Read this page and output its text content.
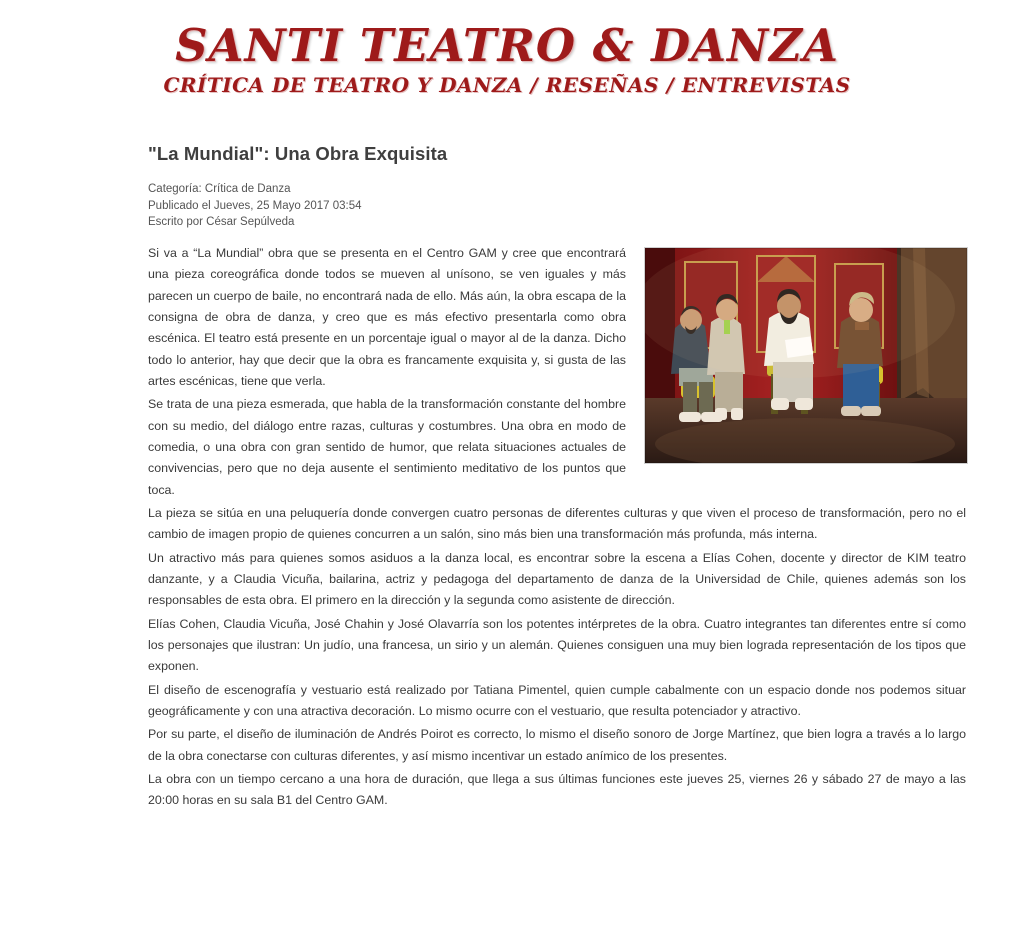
SANTI TEATRO & DANZA
CRÍTICA DE TEATRO Y DANZA / RESEÑAS / ENTREVISTAS
"La Mundial": Una Obra Exquisita
Categoría: Crítica de Danza
Publicado el Jueves, 25 Mayo 2017 03:54
Escrito por César Sepúlveda

Si va a “La Mundial” obra que se presenta en el Centro GAM y cree que encontrará una pieza coreográfica donde todos se mueven al unísono, se ven iguales y más parecen un cuerpo de baile, no encontrará nada de ello. Más aún, la obra escapa de la consigna de obra de danza, y creo que es más efectivo presentarla como obra escénica. El teatro está presente en un porcentaje igual o mayor al de la danza. Dicho todo lo anterior, hay que decir que la obra es francamente exquisita y, si gusta de las artes escénicas, tiene que verla.

Se trata de una pieza esmerada, que habla de la transformación constante del hombre con su medio, del diálogo entre razas, culturas y costumbres. Una obra en modo de comedia, o una obra con gran sentido de humor, que relata situaciones actuales de convivencias, pero que no deja ausente el sentimiento meditativo de los puntos que toca.

La pieza se sitúa en una peluquería donde convergen cuatro personas de diferentes culturas y que viven el proceso de transformación, pero no el cambio de imagen propio de quienes concurren a un salón, sino más bien una transformación más profunda, más interna.

Un atractivo más para quienes somos asiduos a la danza local, es encontrar sobre la escena a Elías Cohen, docente y director de KIM teatro danzante, y a Claudia Vicuña, bailarina, actriz y pedagoga del departamento de danza de la Universidad de Chile, quienes además son los responsables de esta obra. El primero en la dirección y la segunda como asistente de dirección.

Elías Cohen, Claudia Vicuña, José Chahin y José Olavarría son los potentes intérpretes de la obra. Cuatro integrantes tan diferentes entre sí como los personajes que ilustran: Un judío, una francesa, un sirio y un alemán. Quienes consiguen una muy bien lograda representación de los tipos que exponen.

El diseño de escenografía y vestuario está realizado por Tatiana Pimentel, quien cumple cabalmente con un espacio donde nos podemos situar geográficamente y con una atractiva decoración. Lo mismo ocurre con el vestuario, que resulta potenciador y atractivo.

Por su parte, el diseño de iluminación de Andrés Poirot es correcto, lo mismo el diseño sonoro de Jorge Martínez, que bien logra a través a lo largo de la obra conectarse con culturas diferentes, y así mismo incentivar un estado anímico de los presentes.

La obra con un tiempo cercano a una hora de duración, que llega a sus últimas funciones este jueves 25, viernes 26 y sábado 27 de mayo a las 20:00 horas en su sala B1 del Centro GAM.
